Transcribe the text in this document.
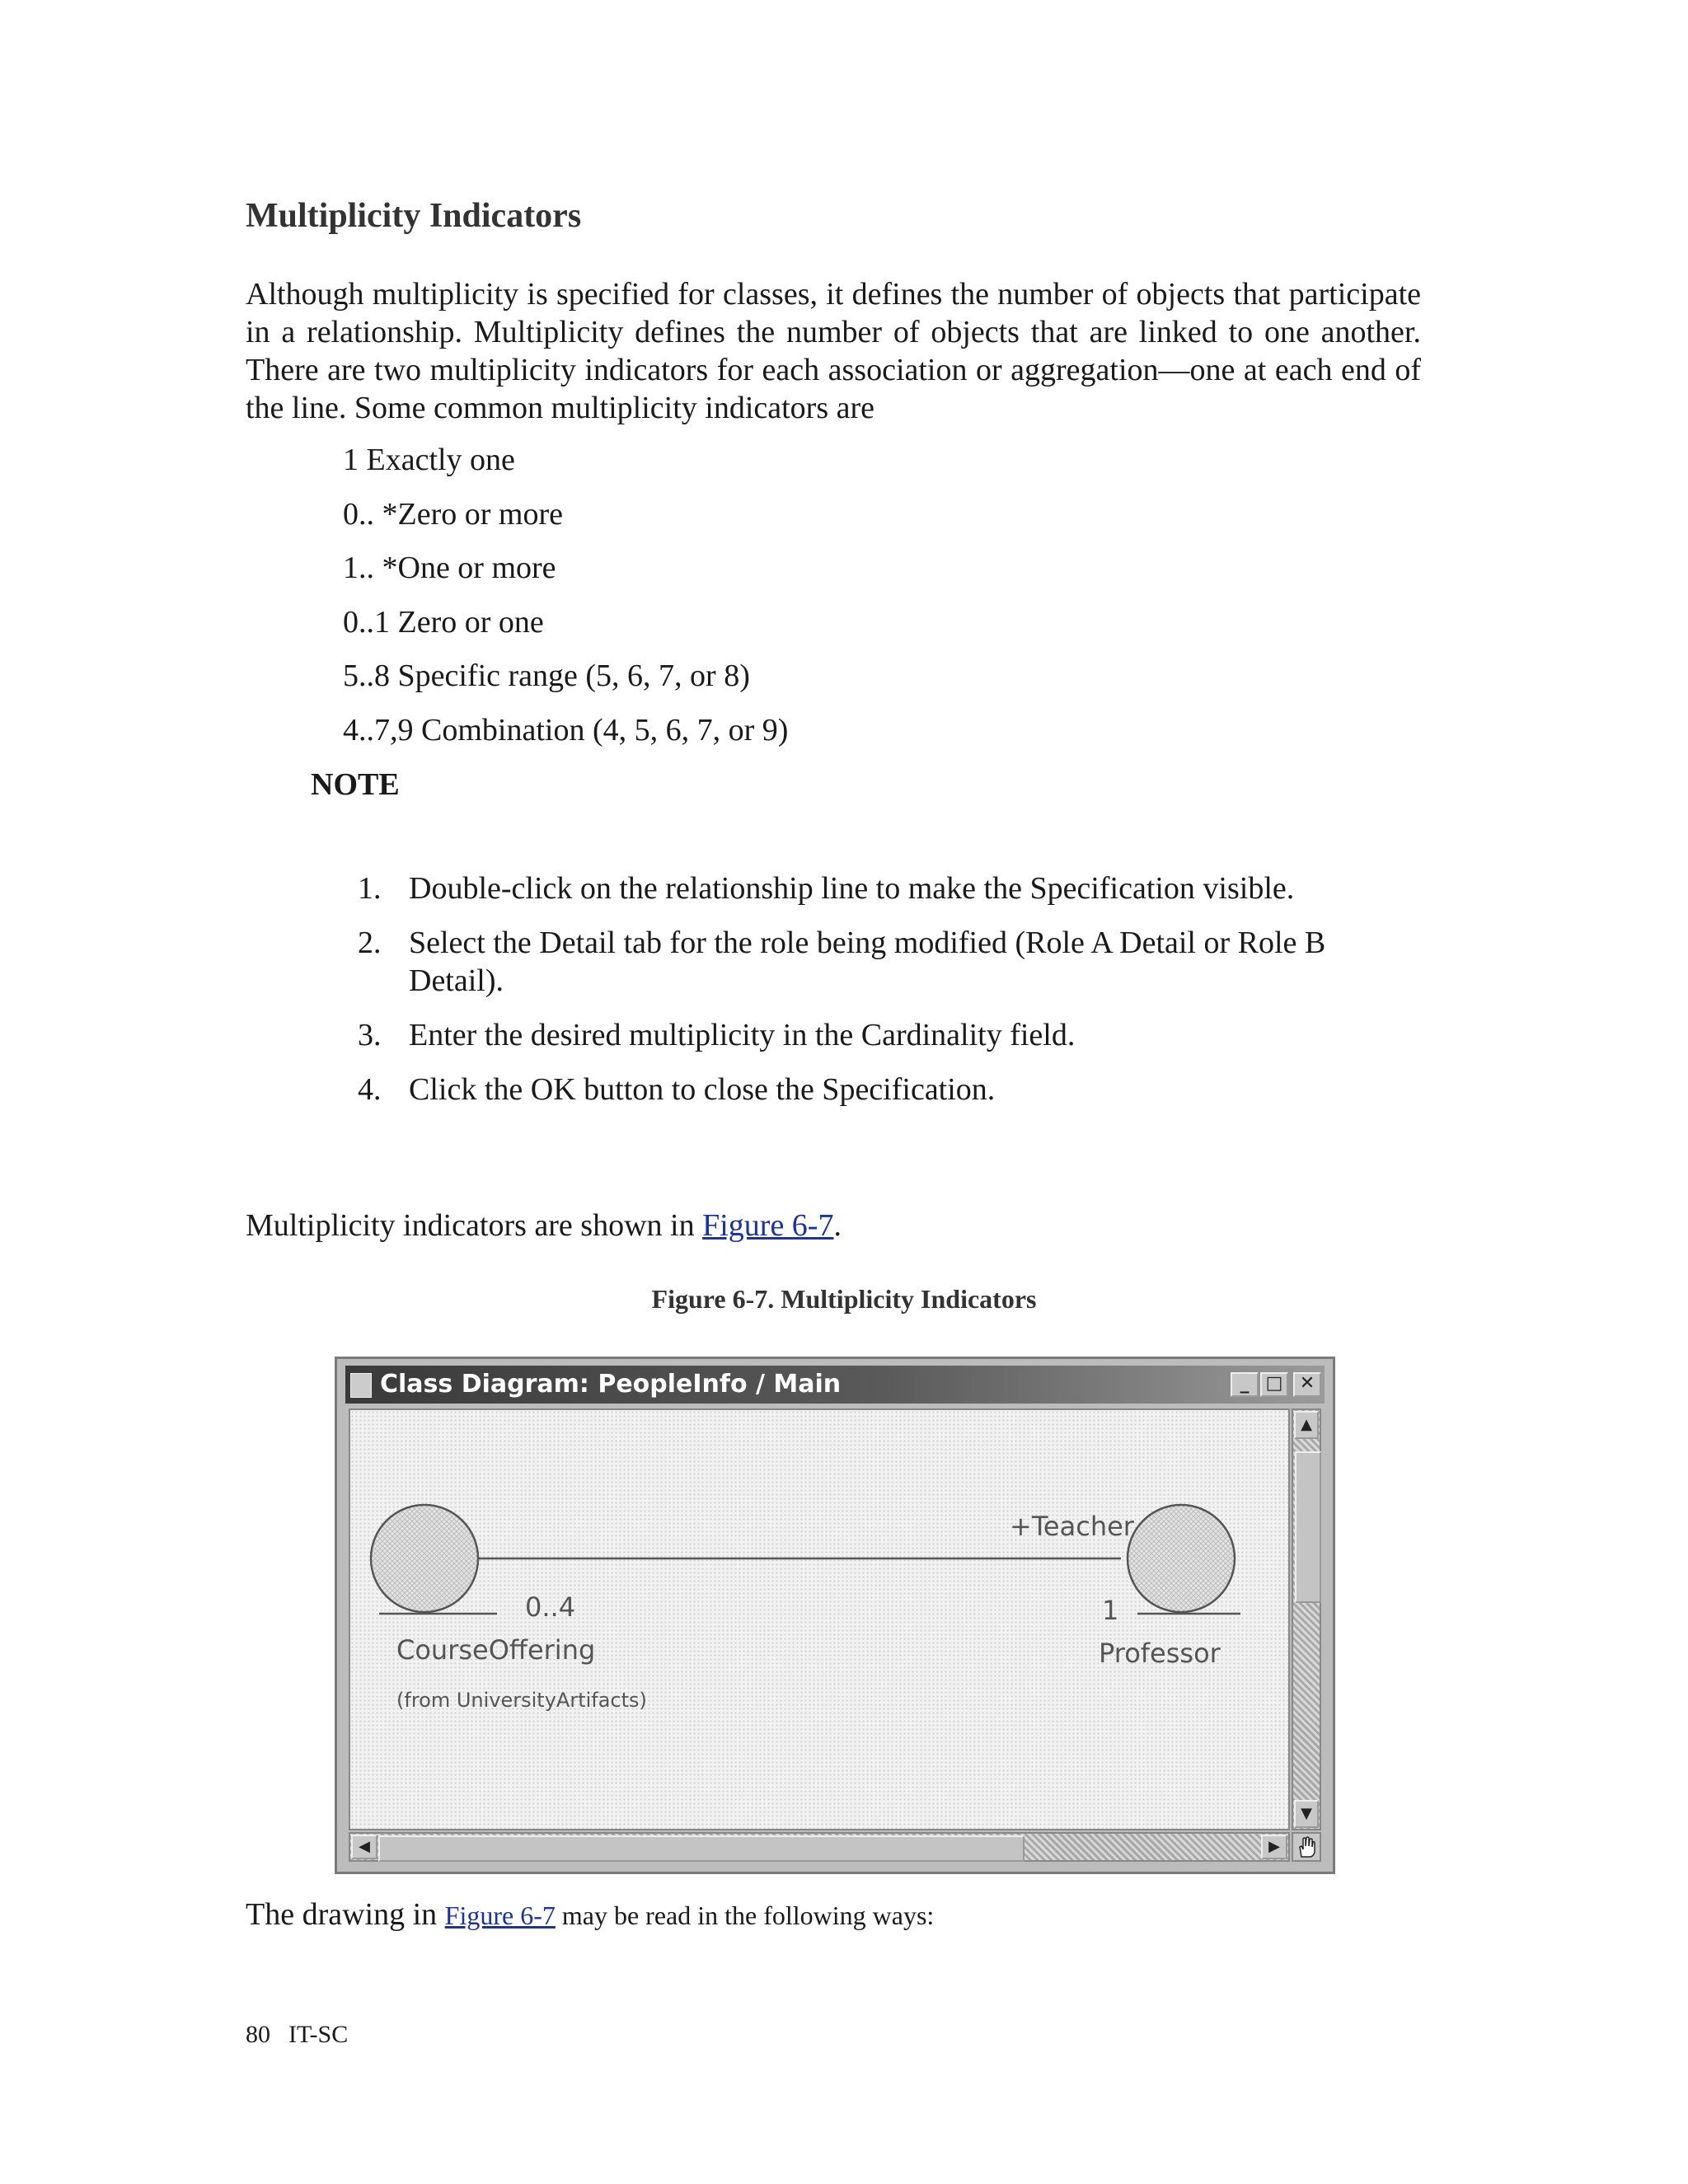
Multiplicity Indicators

Although multiplicity is specified for classes, it defines the number of objects that participate in a relationship. Multiplicity defines the number of objects that are linked to one another. There are two multiplicity indicators for each association or aggregation—one at each end of the line. Some common multiplicity indicators are

1 Exactly one
0.. *Zero or more
1.. *One or more
0..1 Zero or one
5..8 Specific range (5, 6, 7, or 8)
4..7,9 Combination (4, 5, 6, 7, or 9)

NOTE

1. Double-click on the relationship line to make the Specification visible.
2. Select the Detail tab for the role being modified (Role A Detail or Role B Detail).
3. Enter the desired multiplicity in the Cardinality field.
4. Click the OK button to close the Specification.

Multiplicity indicators are shown in Figure 6-7.

Figure 6-7. Multiplicity Indicators
Class Diagram: PeopleInfo / Main	_ □ ✕
0..4
+Teacher
1
CourseOffering
(from UniversityArtifacts)
Professor
▲
▼
◀	▶

The drawing in Figure 6-7 may be read in the following ways:

80 IT-SC
